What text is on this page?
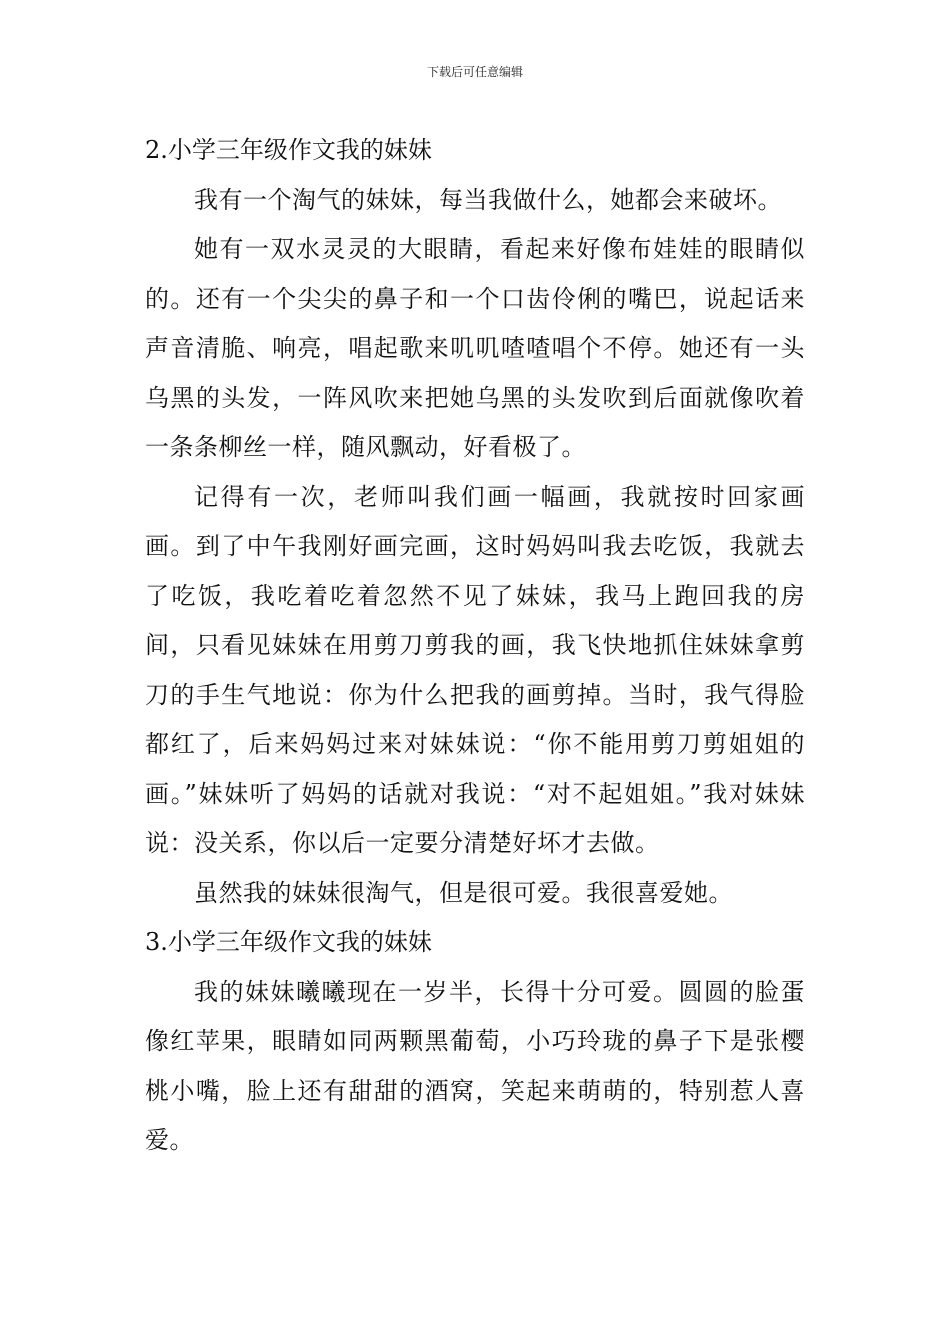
下载后可任意编辑
2.小学三年级作文我的妹妹

我有一个淘气的妹妹，每当我做什么，她都会来破坏。

她有一双水灵灵的大眼睛，看起来好像布娃娃的眼睛似的。还有一个尖尖的鼻子和一个口齿伶俐的嘴巴，说起话来声音清脆、响亮，唱起歌来叽叽喳喳唱个不停。她还有一头乌黑的头发，一阵风吹来把她乌黑的头发吹到后面就像吹着一条条柳丝一样，随风飘动，好看极了。

记得有一次，老师叫我们画一幅画，我就按时回家画画。到了中午我刚好画完画，这时妈妈叫我去吃饭，我就去了吃饭，我吃着吃着忽然不见了妹妹，我马上跑回我的房间，只看见妹妹在用剪刀剪我的画，我飞快地抓住妹妹拿剪刀的手生气地说：你为什么把我的画剪掉。当时，我气得脸都红了，后来妈妈过来对妹妹说：“你不能用剪刀剪姐姐的画。”妹妹听了妈妈的话就对我说：“对不起姐姐。”我对妹妹说：没关系，你以后一定要分清楚好坏才去做。

虽然我的妹妹很淘气，但是很可爱。我很喜爱她。

3.小学三年级作文我的妹妹

我的妹妹曦曦现在一岁半，长得十分可爱。圆圆的脸蛋像红苹果，眼睛如同两颗黑葡萄，小巧玲珑的鼻子下是张樱桃小嘴，脸上还有甜甜的酒窝，笑起来萌萌的，特别惹人喜爱。
